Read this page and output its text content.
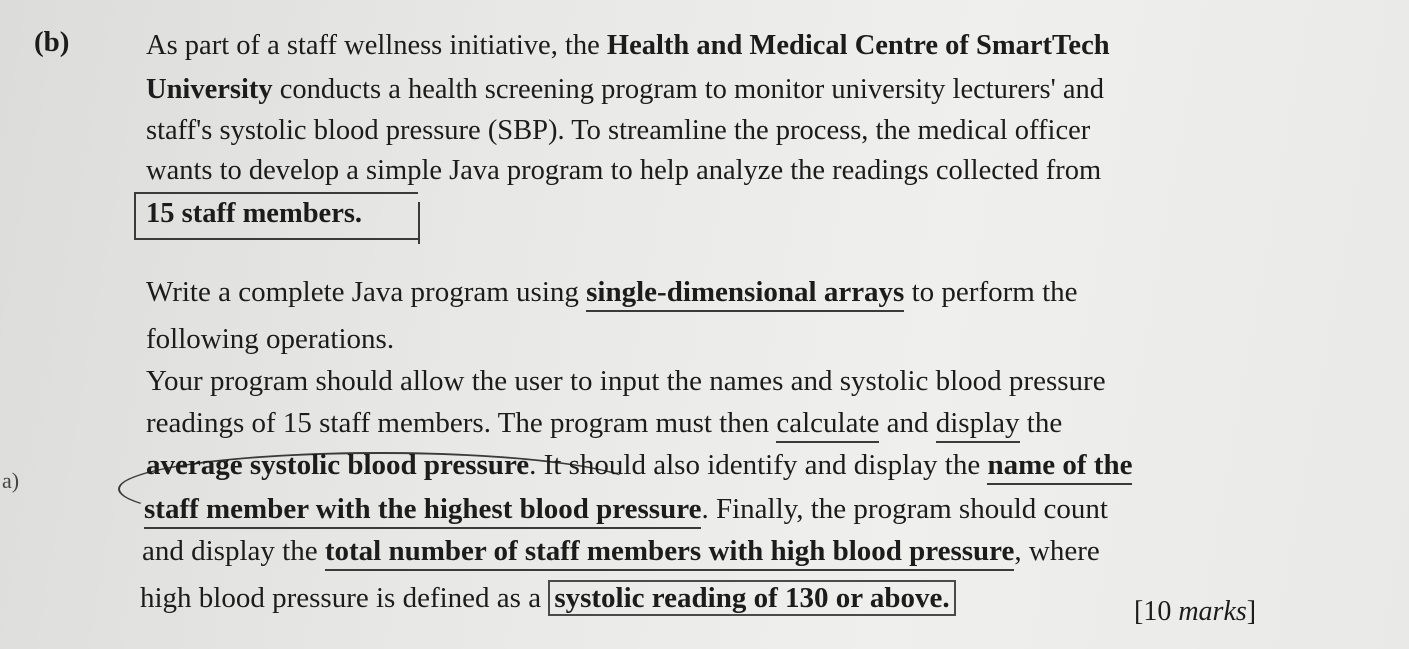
(b)	As part of a staff wellness initiative, the Health and Medical Centre of SmartTech
University conducts a health screening program to monitor university lecturers' and
staff's systolic blood pressure (SBP). To streamline the process, the medical officer
wants to develop a simple Java program to help analyze the readings collected from
15 staff members.
Write a complete Java program using single-dimensional arrays to perform the
following operations.
Your program should allow the user to input the names and systolic blood pressure
readings of 15 staff members. The program must then calculate and display the
a)	average systolic blood pressure. It should also identify and display the name of the
staff member with the highest blood pressure. Finally, the program should count
and display the total number of staff members with high blood pressure, where
high blood pressure is defined as a systolic reading of 130 or above.	[10 marks]
